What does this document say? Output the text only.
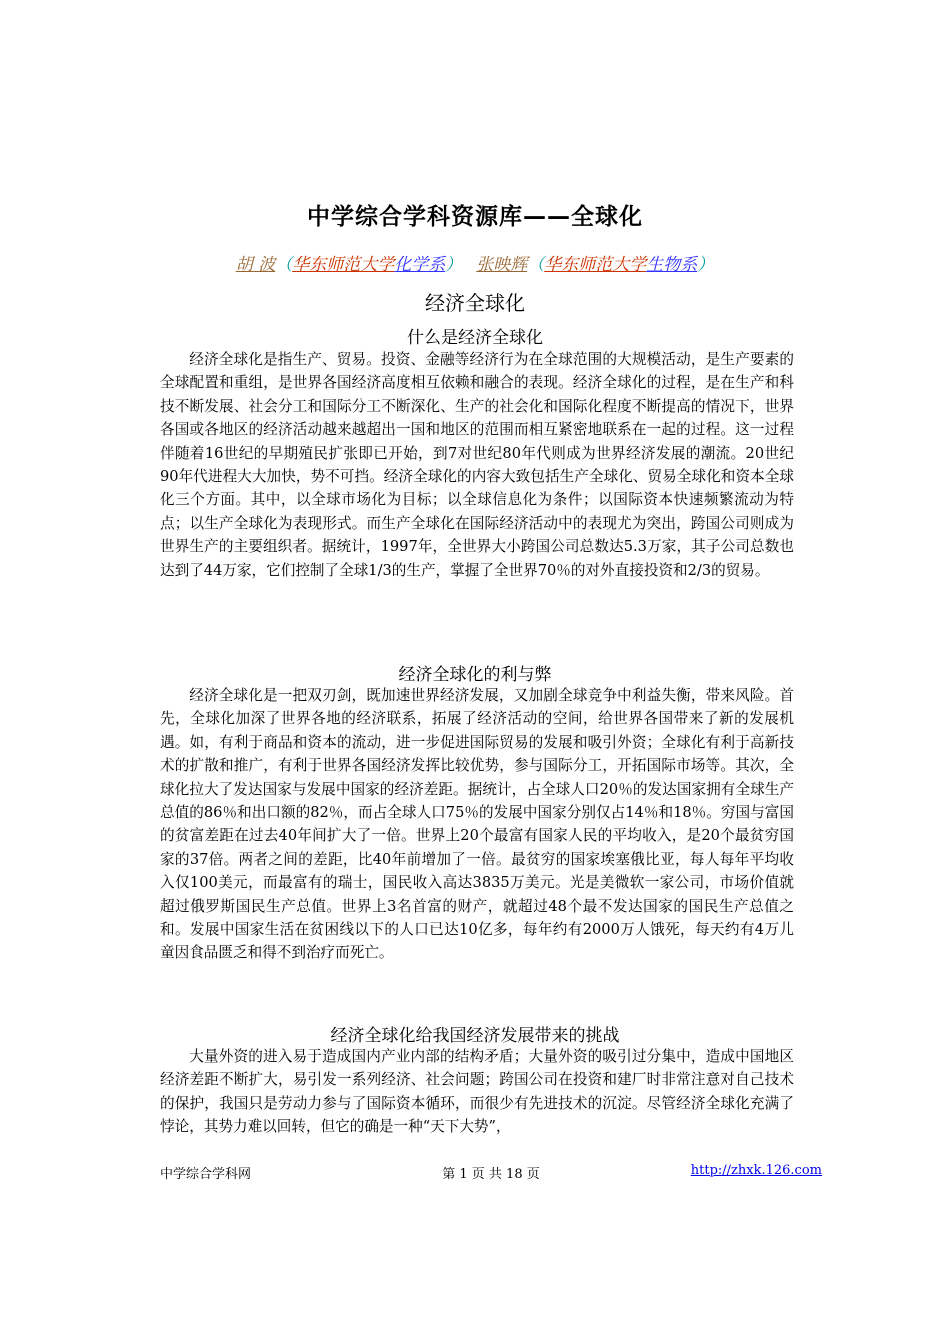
中学综合学科资源库——全球化
胡 波（华东师范大学化学系） 张映辉（华东师范大学生物系）
经济全球化
什么是经济全球化
经济全球化是指生产、贸易。投资、金融等经济行为在全球范围的大规模活动，是生产要素的全球配置和重组，是世界各国经济高度相互依赖和融合的表现。经济全球化的过程，是在生产和科技不断发展、社会分工和国际分工不断深化、生产的社会化和国际化程度不断提高的情况下，世界各国或各地区的经济活动越来越超出一国和地区的范围而相互紧密地联系在一起的过程。这一过程伴随着16世纪的早期殖民扩张即已开始，到7对世纪80年代则成为世界经济发展的潮流。20世纪90年代进程大大加快，势不可挡。经济全球化的内容大致包括生产全球化、贸易全球化和资本全球化三个方面。其中，以全球市场化为目标；以全球信息化为条件；以国际资本快速频繁流动为特点；以生产全球化为表现形式。而生产全球化在国际经济活动中的表现尤为突出，跨国公司则成为世界生产的主要组织者。据统计，1997年，全世界大小跨国公司总数达5.3万家，其子公司总数也达到了44万家，它们控制了全球1/3的生产，掌握了全世界70％的对外直接投资和2/3的贸易。
经济全球化的利与弊
经济全球化是一把双刃剑，既加速世界经济发展，又加剧全球竞争中利益失衡，带来风险。首先，全球化加深了世界各地的经济联系，拓展了经济活动的空间，给世界各国带来了新的发展机遇。如，有利于商品和资本的流动，进一步促进国际贸易的发展和吸引外资；全球化有利于高新技术的扩散和推广，有利于世界各国经济发挥比较优势，参与国际分工，开拓国际市场等。其次，全球化拉大了发达国家与发展中国家的经济差距。据统计，占全球人口20％的发达国家拥有全球生产总值的86％和出口额的82％，而占全球人口75％的发展中国家分别仅占14％和18％。穷国与富国的贫富差距在过去40年间扩大了一倍。世界上20个最富有国家人民的平均收入，是20个最贫穷国家的37倍。两者之间的差距，比40年前增加了一倍。最贫穷的国家埃塞俄比亚，每人每年平均收入仅100美元，而最富有的瑞士，国民收入高达3835万美元。光是美微软一家公司，市场价值就超过俄罗斯国民生产总值。世界上3名首富的财产，就超过48个最不发达国家的国民生产总值之和。发展中国家生活在贫困线以下的人口已达10亿多，每年约有2000万人饿死，每天约有4万儿童因食品匮乏和得不到治疗而死亡。
经济全球化给我国经济发展带来的挑战
大量外资的进入易于造成国内产业内部的结构矛盾；大量外资的吸引过分集中，造成中国地区经济差距不断扩大，易引发一系列经济、社会问题；跨国公司在投资和建厂时非常注意对自己技术的保护，我国只是劳动力参与了国际资本循环，而很少有先进技术的沉淀。尽管经济全球化充满了悖论，其势力难以回转，但它的确是一种“天下大势”，
中学综合学科网	第 1 页 共 18 页	http://zhxk.126.com
